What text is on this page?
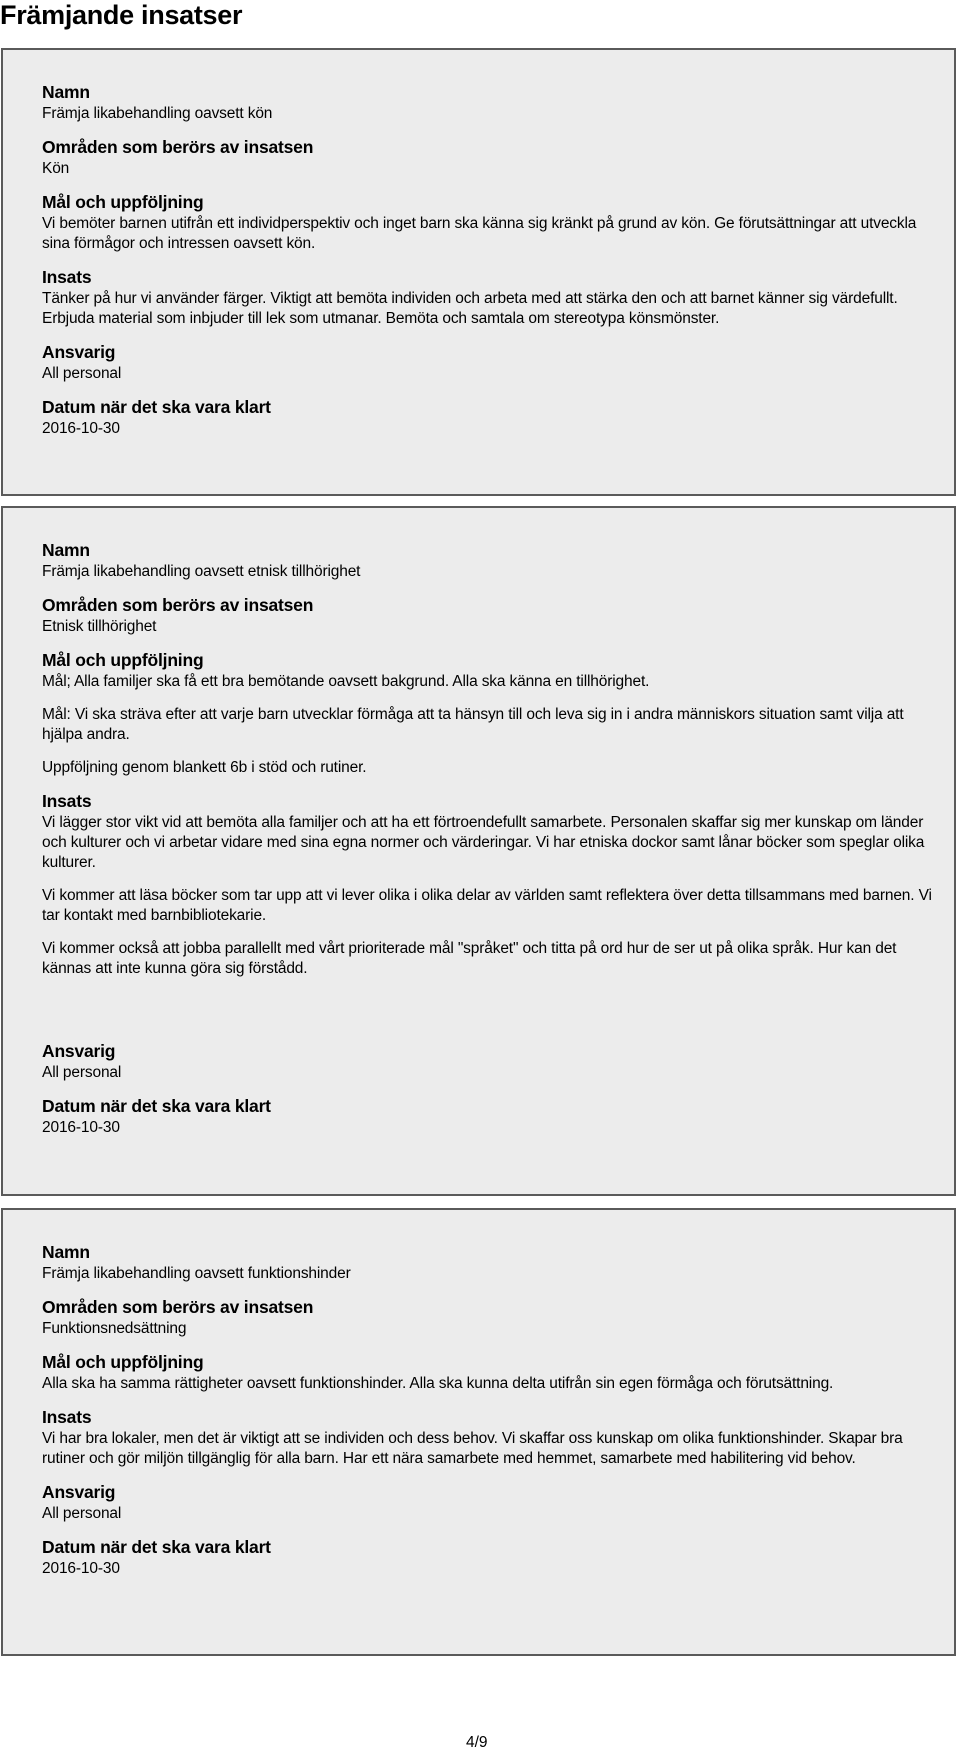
Främjande insatser
Namn
Främja likabehandling oavsett kön
Områden som berörs av insatsen
Kön
Mål och uppföljning
Vi bemöter barnen utifrån ett individperspektiv och inget barn ska känna sig kränkt på grund av kön. Ge förutsättningar att utveckla sina förmågor och intressen oavsett kön.
Insats
Tänker på hur vi använder färger. Viktigt att bemöta individen och arbeta med att stärka den och att barnet känner sig värdefullt. Erbjuda material som inbjuder till lek som utmanar. Bemöta och samtala om stereotypa könsmönster.
Ansvarig
All personal
Datum när det ska vara klart
2016-10-30
Namn
Främja likabehandling oavsett etnisk tillhörighet
Områden som berörs av insatsen
Etnisk tillhörighet
Mål och uppföljning
Mål; Alla familjer ska få ett bra bemötande oavsett bakgrund. Alla ska känna en tillhörighet.
Mål: Vi ska sträva efter att varje barn utvecklar förmåga att ta hänsyn till och leva sig in i andra människors situation samt vilja att hjälpa andra.
Uppföljning genom blankett 6b i stöd och rutiner.
Insats
Vi lägger stor vikt vid att bemöta alla familjer och att ha ett förtroendefullt samarbete. Personalen skaffar sig mer kunskap om länder och kulturer och vi arbetar vidare med sina egna normer och värderingar. Vi har etniska dockor samt lånar böcker som speglar olika kulturer.
Vi kommer att läsa böcker som tar upp att vi lever olika i olika delar av världen samt reflektera över detta tillsammans med barnen. Vi tar kontakt med barnbibliotekarie.
Vi kommer också att jobba parallellt med vårt prioriterade mål "språket" och titta på ord hur de ser ut på olika språk. Hur kan det kännas att inte kunna göra sig förstådd.
Ansvarig
All personal
Datum när det ska vara klart
2016-10-30
Namn
Främja likabehandling oavsett funktionshinder
Områden som berörs av insatsen
Funktionsnedsättning
Mål och uppföljning
Alla ska ha samma rättigheter oavsett funktionshinder. Alla ska kunna delta utifrån sin egen förmåga och förutsättning.
Insats
Vi har bra lokaler, men det är viktigt att se individen och dess behov. Vi skaffar oss kunskap om olika funktionshinder. Skapar bra rutiner och gör miljön tillgänglig för alla barn. Har ett nära samarbete med hemmet, samarbete med habilitering vid behov.
Ansvarig
All personal
Datum när det ska vara klart
2016-10-30
4/9
